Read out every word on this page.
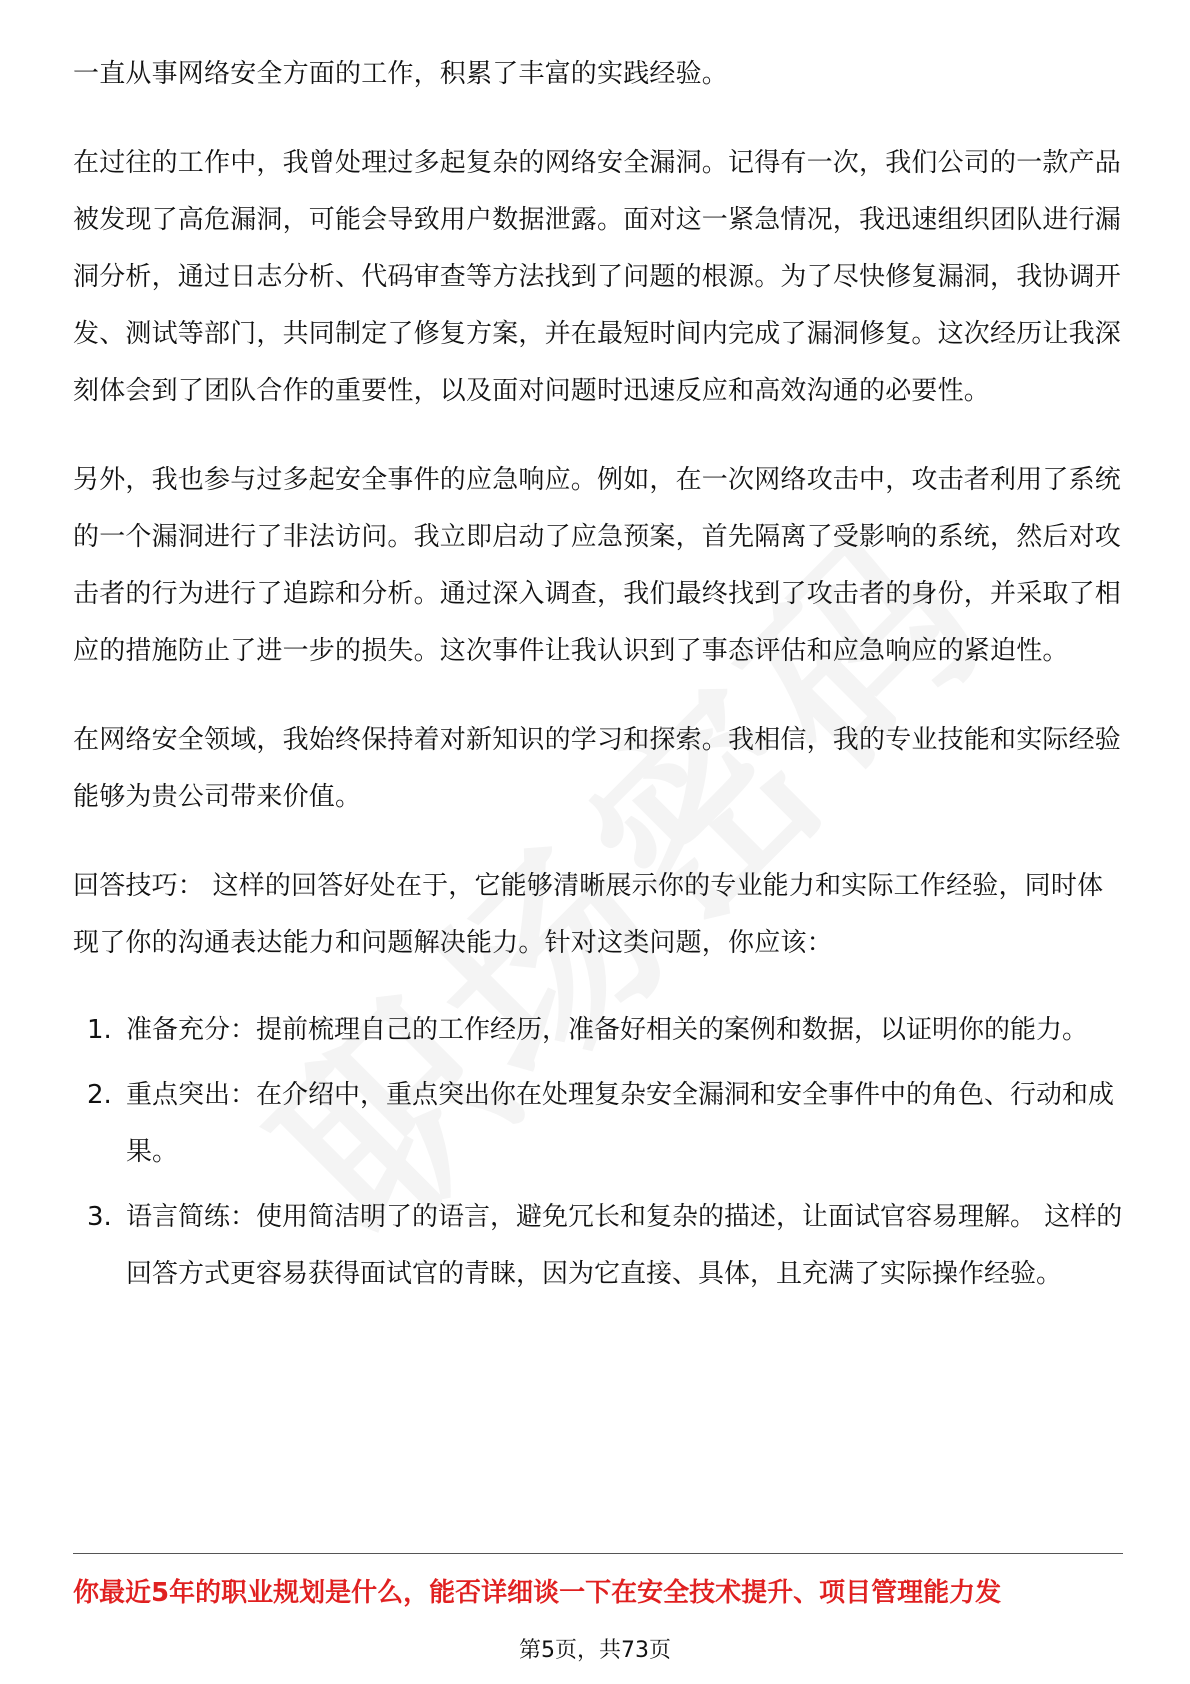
一直从事网络安全方面的工作，积累了丰富的实践经验。

在过往的工作中，我曾处理过多起复杂的网络安全漏洞。记得有一次，我们公司的一款产品被发现了高危漏洞，可能会导致用户数据泄露。面对这一紧急情况，我迅速组织团队进行漏洞分析，通过日志分析、代码审查等方法找到了问题的根源。为了尽快修复漏洞，我协调开发、测试等部门，共同制定了修复方案，并在最短时间内完成了漏洞修复。这次经历让我深刻体会到了团队合作的重要性，以及面对问题时迅速反应和高效沟通的必要性。

另外，我也参与过多起安全事件的应急响应。例如，在一次网络攻击中，攻击者利用了系统的一个漏洞进行了非法访问。我立即启动了应急预案，首先隔离了受影响的系统，然后对攻击者的行为进行了追踪和分析。通过深入调查，我们最终找到了攻击者的身份，并采取了相应的措施防止了进一步的损失。这次事件让我认识到了事态评估和应急响应的紧迫性。

在网络安全领域，我始终保持着对新知识的学习和探索。我相信，我的专业技能和实际经验能够为贵公司带来价值。

回答技巧： 这样的回答好处在于，它能够清晰展示你的专业能力和实际工作经验，同时体现了你的沟通表达能力和问题解决能力。针对这类问题，你应该：

1. 准备充分：提前梳理自己的工作经历，准备好相关的案例和数据，以证明你的能力。
2. 重点突出：在介绍中，重点突出你在处理复杂安全漏洞和安全事件中的角色、行动和成果。
3. 语言简练：使用简洁明了的语言，避免冗长和复杂的描述，让面试官容易理解。 这样的回答方式更容易获得面试官的青睐，因为它直接、具体，且充满了实际操作经验。
你最近5年的职业规划是什么，能否详细谈一下在安全技术提升、项目管理能力发
第5页，共73页
